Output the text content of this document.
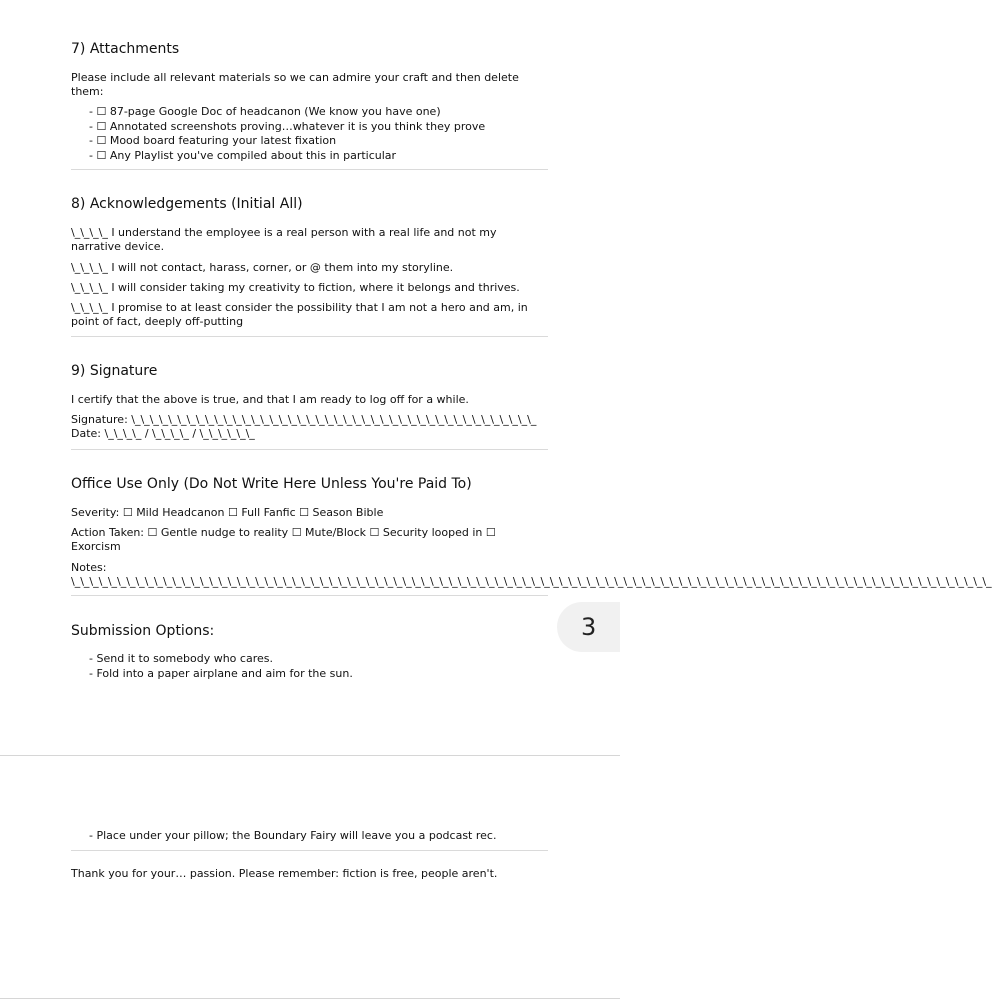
7) Attachments

Please include all relevant materials so we can admire your craft and then delete them:

- ☐ 87-page Google Doc of headcanon (We know you have one)
- ☐ Annotated screenshots proving…whatever it is you think they prove
- ☐ Mood board featuring your latest fixation
- ☐ Any Playlist you've compiled about this in particular
8) Acknowledgements (Initial All)

\_\_\_\_ I understand the employee is a real person with a real life and not my narrative device.

\_\_\_\_ I will not contact, harass, corner, or @ them into my storyline.

\_\_\_\_ I will consider taking my creativity to fiction, where it belongs and thrives.

\_\_\_\_ I promise to at least consider the possibility that I am not a hero and am, in point of fact, deeply off-putting

9) Signature

I certify that the above is true, and that I am ready to log off for a while.

Signature: \_\_\_\_\_\_\_\_\_\_\_\_\_\_\_\_\_\_\_\_\_\_\_\_\_\_\_\_\_\_\_\_\_\_\_\_\_\_\_\_\_\_\_\_ Date: \_\_\_\_ / \_\_\_\_ / \_\_\_\_\_\_

Office Use Only (Do Not Write Here Unless You're Paid To)

Severity: ☐ Mild Headcanon ☐ Full Fanfic ☐ Season Bible

Action Taken: ☐ Gentle nudge to reality ☐ Mute/Block ☐ Security looped in ☐ Exorcism

Notes: \_\_\_\_\_\_\_\_\_\_\_\_\_\_\_\_\_\_\_\_\_\_\_\_\_\_\_\_\_\_\_\_\_\_\_\_\_\_\_\_\_\_\_\_\_\_\_\_\_\_\_\_\_\_\_\_\_\_\_\_\_\_\_\_\_\_\_\_\_\_\_\_\_\_\_\_\_\_\_\_\_\_\_\_\_\_\_\_\_\_\_\_\_\_\_\_\_\_\_\_

Submission Options:
- Send it to somebody who cares.
- Fold into a paper airplane and aim for the sun.
- Place under your pillow; the Boundary Fairy will leave you a podcast rec.

Thank you for your… passion. Please remember: fiction is free, people aren't.

3
